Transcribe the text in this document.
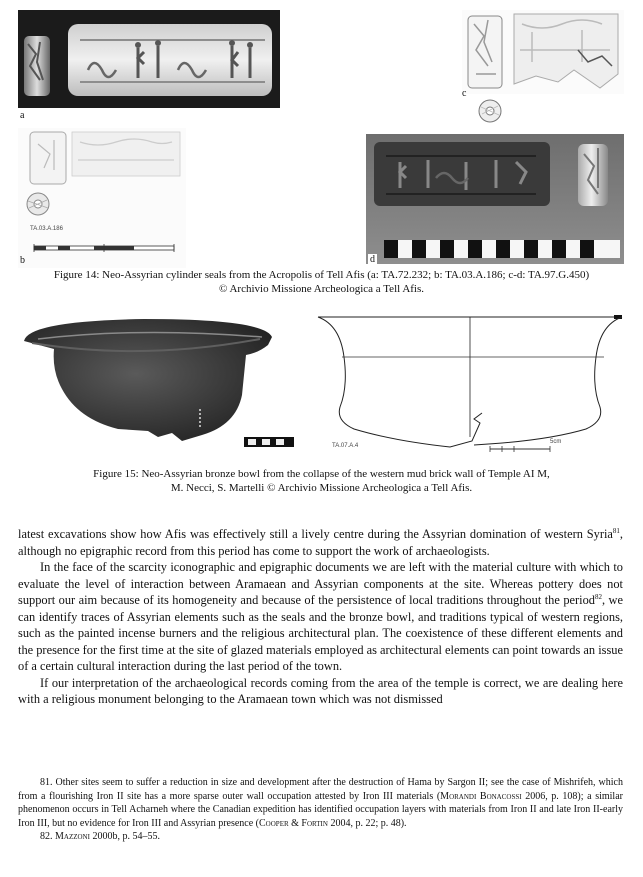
a
c
TA.03.A.186
b	d
Figure 14: Neo-Assyrian cylinder seals from the Acropolis of Tell Afis (a: TA.72.232; b: TA.03.A.186; c-d: TA.97.G.450)
© Archivio Missione Archeologica a Tell Afis.
TA.07.A.4
5cm
Figure 15: Neo-Assyrian bronze bowl from the collapse of the western mud brick wall of Temple AI M,
M. Necci, S. Martelli © Archivio Missione Archeologica a Tell Afis.

latest excavations show how Afis was effectively still a lively centre during the Assyrian domination of western Syria$^{81}$, although no epigraphic record from this period has come to support the work of archaeologists.

In the face of the scarcity iconographic and epigraphic documents we are left with the material culture with which to evaluate the level of interaction between Aramaean and Assyrian components at the site. Whereas pottery does not support our aim because of its homogeneity and because of the persistence of local traditions throughout the period$^{82}$, we can identify traces of Assyrian elements such as the seals and the bronze bowl, and traditions typical of western regions, such as the painted incense burners and the religious architectural plan. The coexistence of these different elements and the presence for the first time at the site of glazed materials employed as architectural elements can point towards an issue of a certain cultural interaction during the last period of the town.

If our interpretation of the archaeological records coming from the area of the temple is correct, we are dealing here with a religious monument belonging to the Aramaean town which was not dismissed

81. Other sites seem to suffer a reduction in size and development after the destruction of Hama by Sargon II; see the case of Mishrifeh, which from a flourishing Iron II site has a more sparse outer wall occupation attested by Iron III materials (Morandi Bonacossi 2006, p. 108); a similar phenomenon occurs in Tell Acharneh where the Canadian expedition has identified occupation layers with materials from Iron II and late Iron II-early Iron III, but no evidence for Iron III and Assyrian presence (Cooper & Fortin 2004, p. 22; p. 48).

82. Mazzoni 2000b, p. 54–55.
